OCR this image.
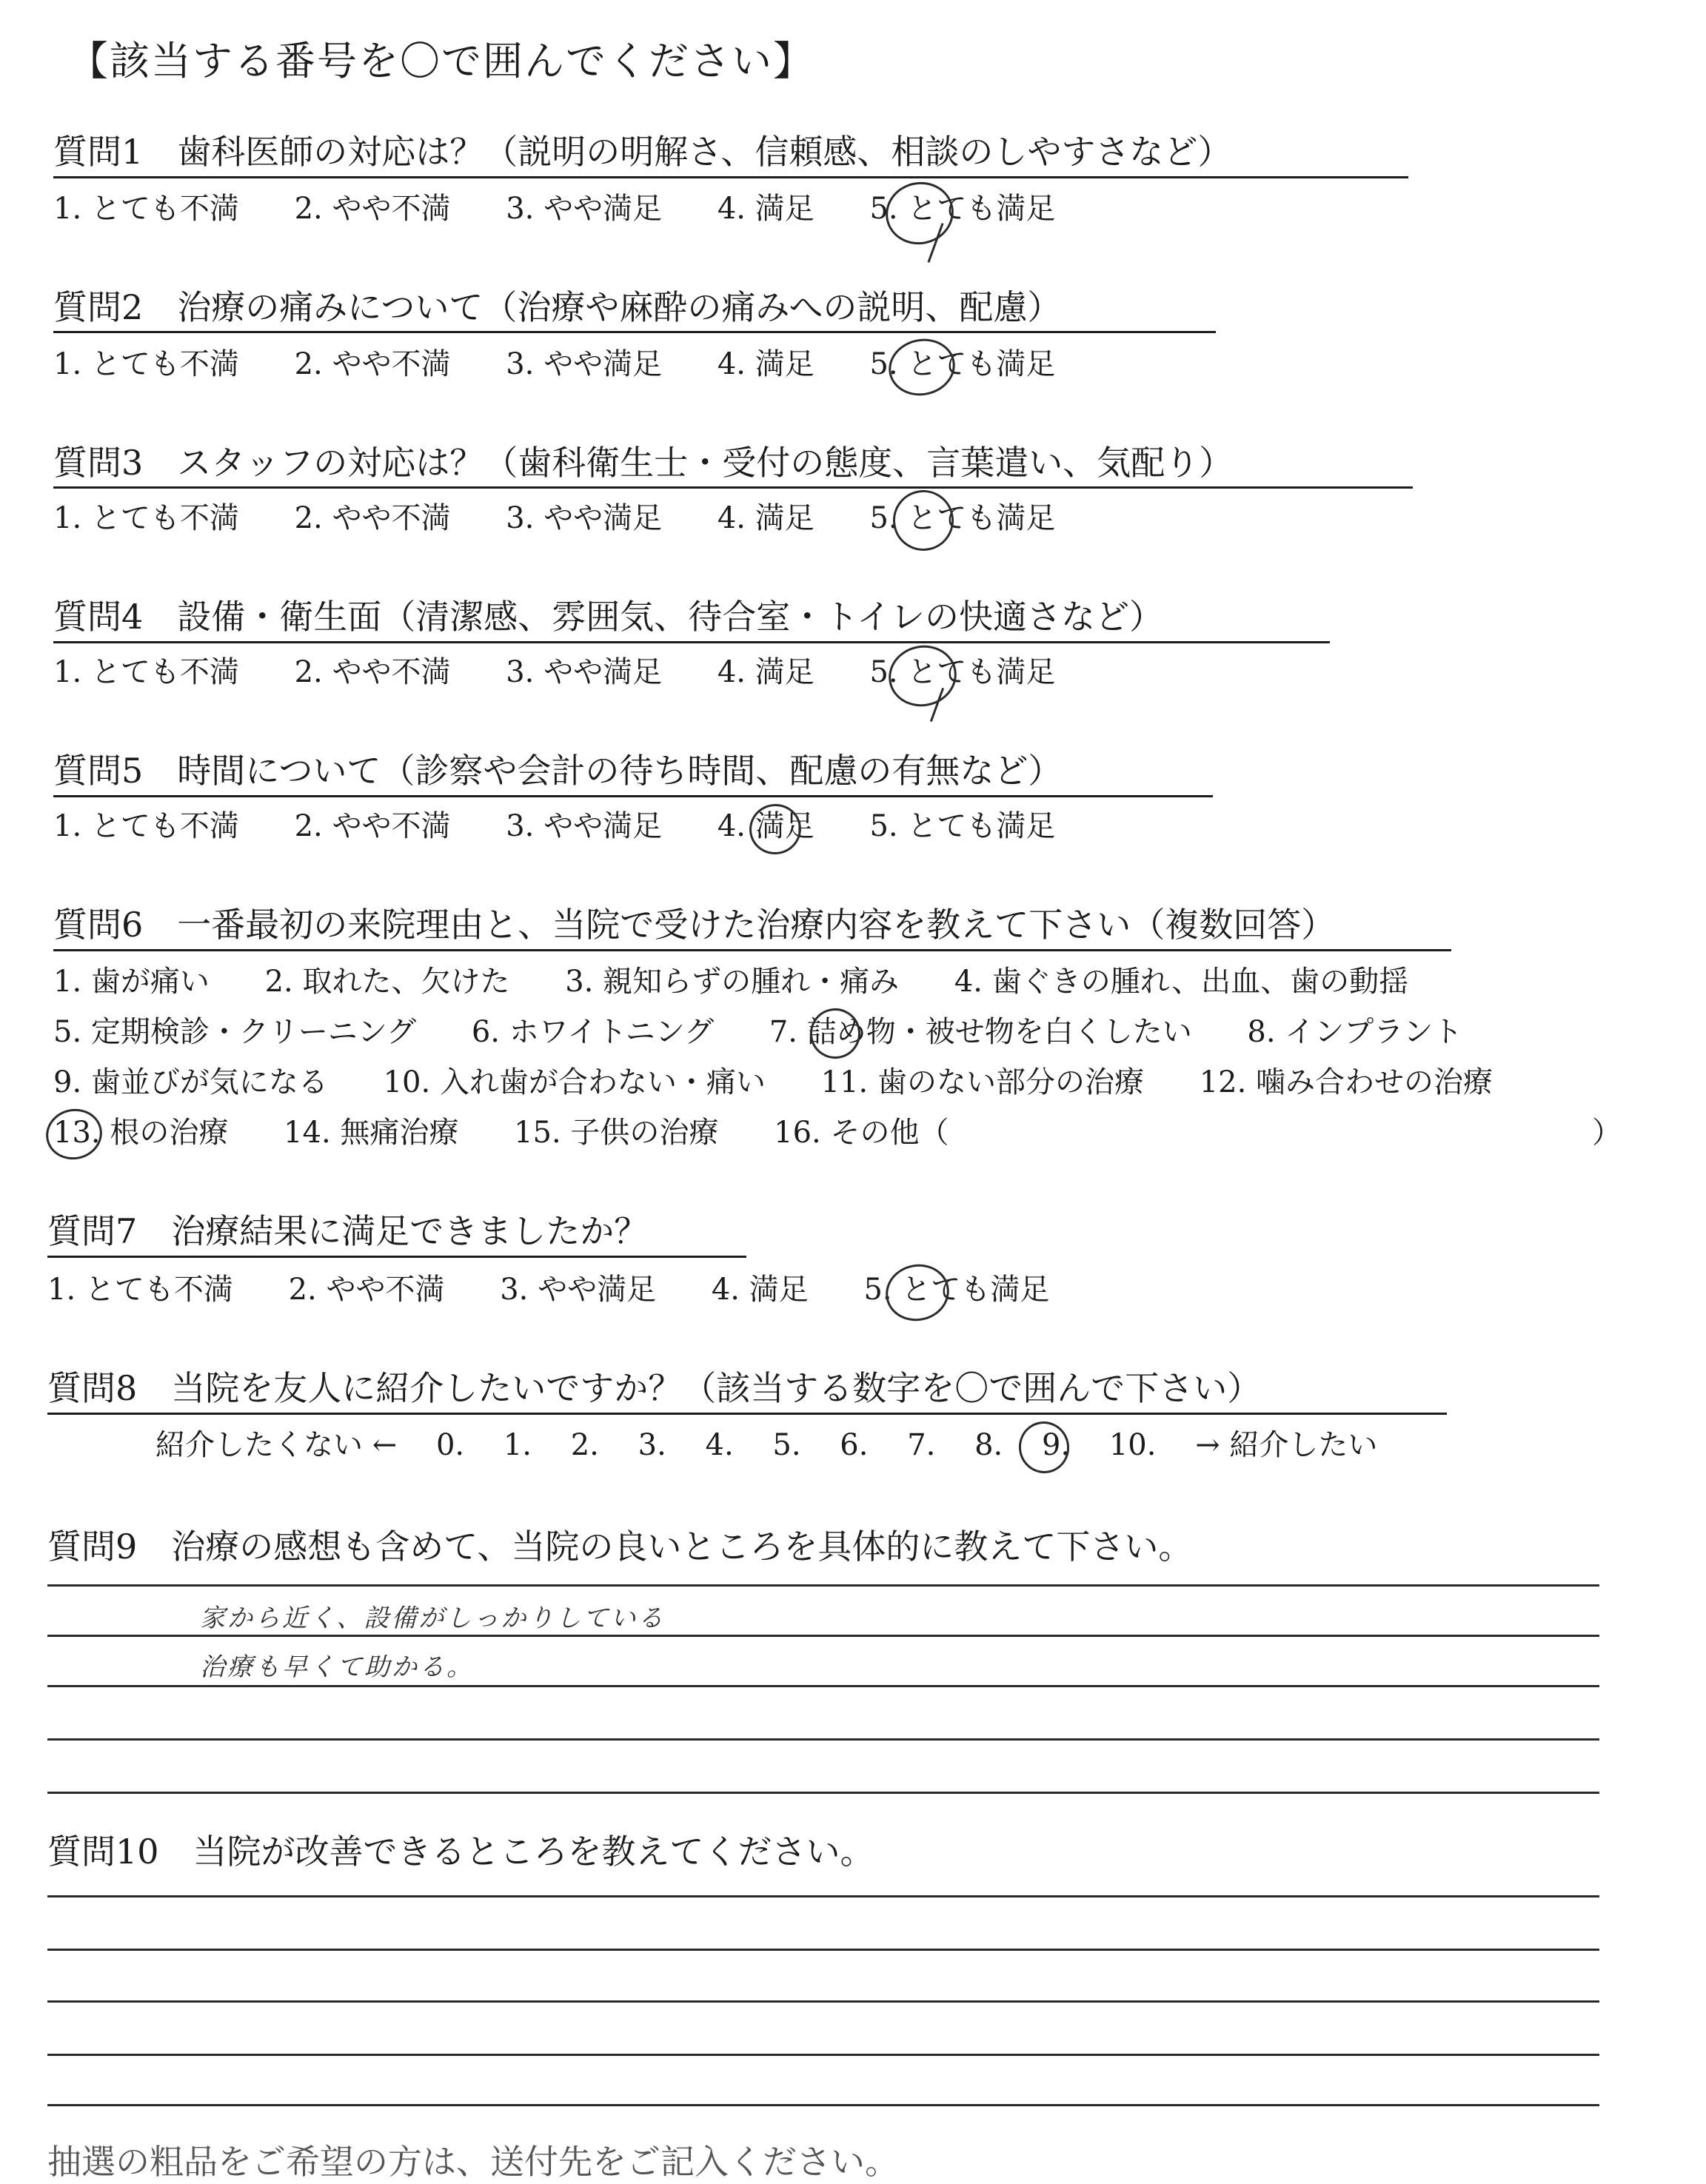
【該当する番号を〇で囲んでください】
質問1　歯科医師の対応は？（説明の明解さ、信頼感、相談のしやすさなど）
1. とても不満 2. やや不満 3. やや満足 4. 満足 5. とても満足
質問2　治療の痛みについて（治療や麻酔の痛みへの説明、配慮）
1. とても不満 2. やや不満 3. やや満足 4. 満足 5. とても満足
質問3　スタッフの対応は？（歯科衛生士・受付の態度、言葉遣い、気配り）
1. とても不満 2. やや不満 3. やや満足 4. 満足 5. とても満足
質問4　設備・衛生面（清潔感、雰囲気、待合室・トイレの快適さなど）
1. とても不満 2. やや不満 3. やや満足 4. 満足 5. とても満足
質問5　時間について（診察や会計の待ち時間、配慮の有無など）
1. とても不満 2. やや不満 3. やや満足 4. 満足 5. とても満足
質問6　一番最初の来院理由と、当院で受けた治療内容を教えて下さい（複数回答）
1. 歯が痛い 2. 取れた、欠けた 3. 親知らずの腫れ・痛み 4. 歯ぐきの腫れ、出血、歯の動揺
5. 定期検診・クリーニング 6. ホワイトニング 7. 詰め物・被せ物を白くしたい 8. インプラント
9. 歯並びが気になる 10. 入れ歯が合わない・痛い 11. 歯のない部分の治療 12. 噛み合わせの治療
13. 根の治療 14. 無痛治療 15. 子供の治療 16. その他（	）
質問7　治療結果に満足できましたか？
1. とても不満 2. やや不満 3. やや満足 4. 満足 5. とても満足
質問8　当院を友人に紹介したいですか？（該当する数字を〇で囲んで下さい）
紹介したくない ← 0. 1. 2. 3. 4. 5. 6. 7. 8. 9. 10. → 紹介したい
質問9　治療の感想も含めて、当院の良いところを具体的に教えて下さい。
家から近く、設備がしっかりしている
治療も早くて助かる。
質問10　当院が改善できるところを教えてください。
抽選の粗品をご希望の方は、送付先をご記入ください。
